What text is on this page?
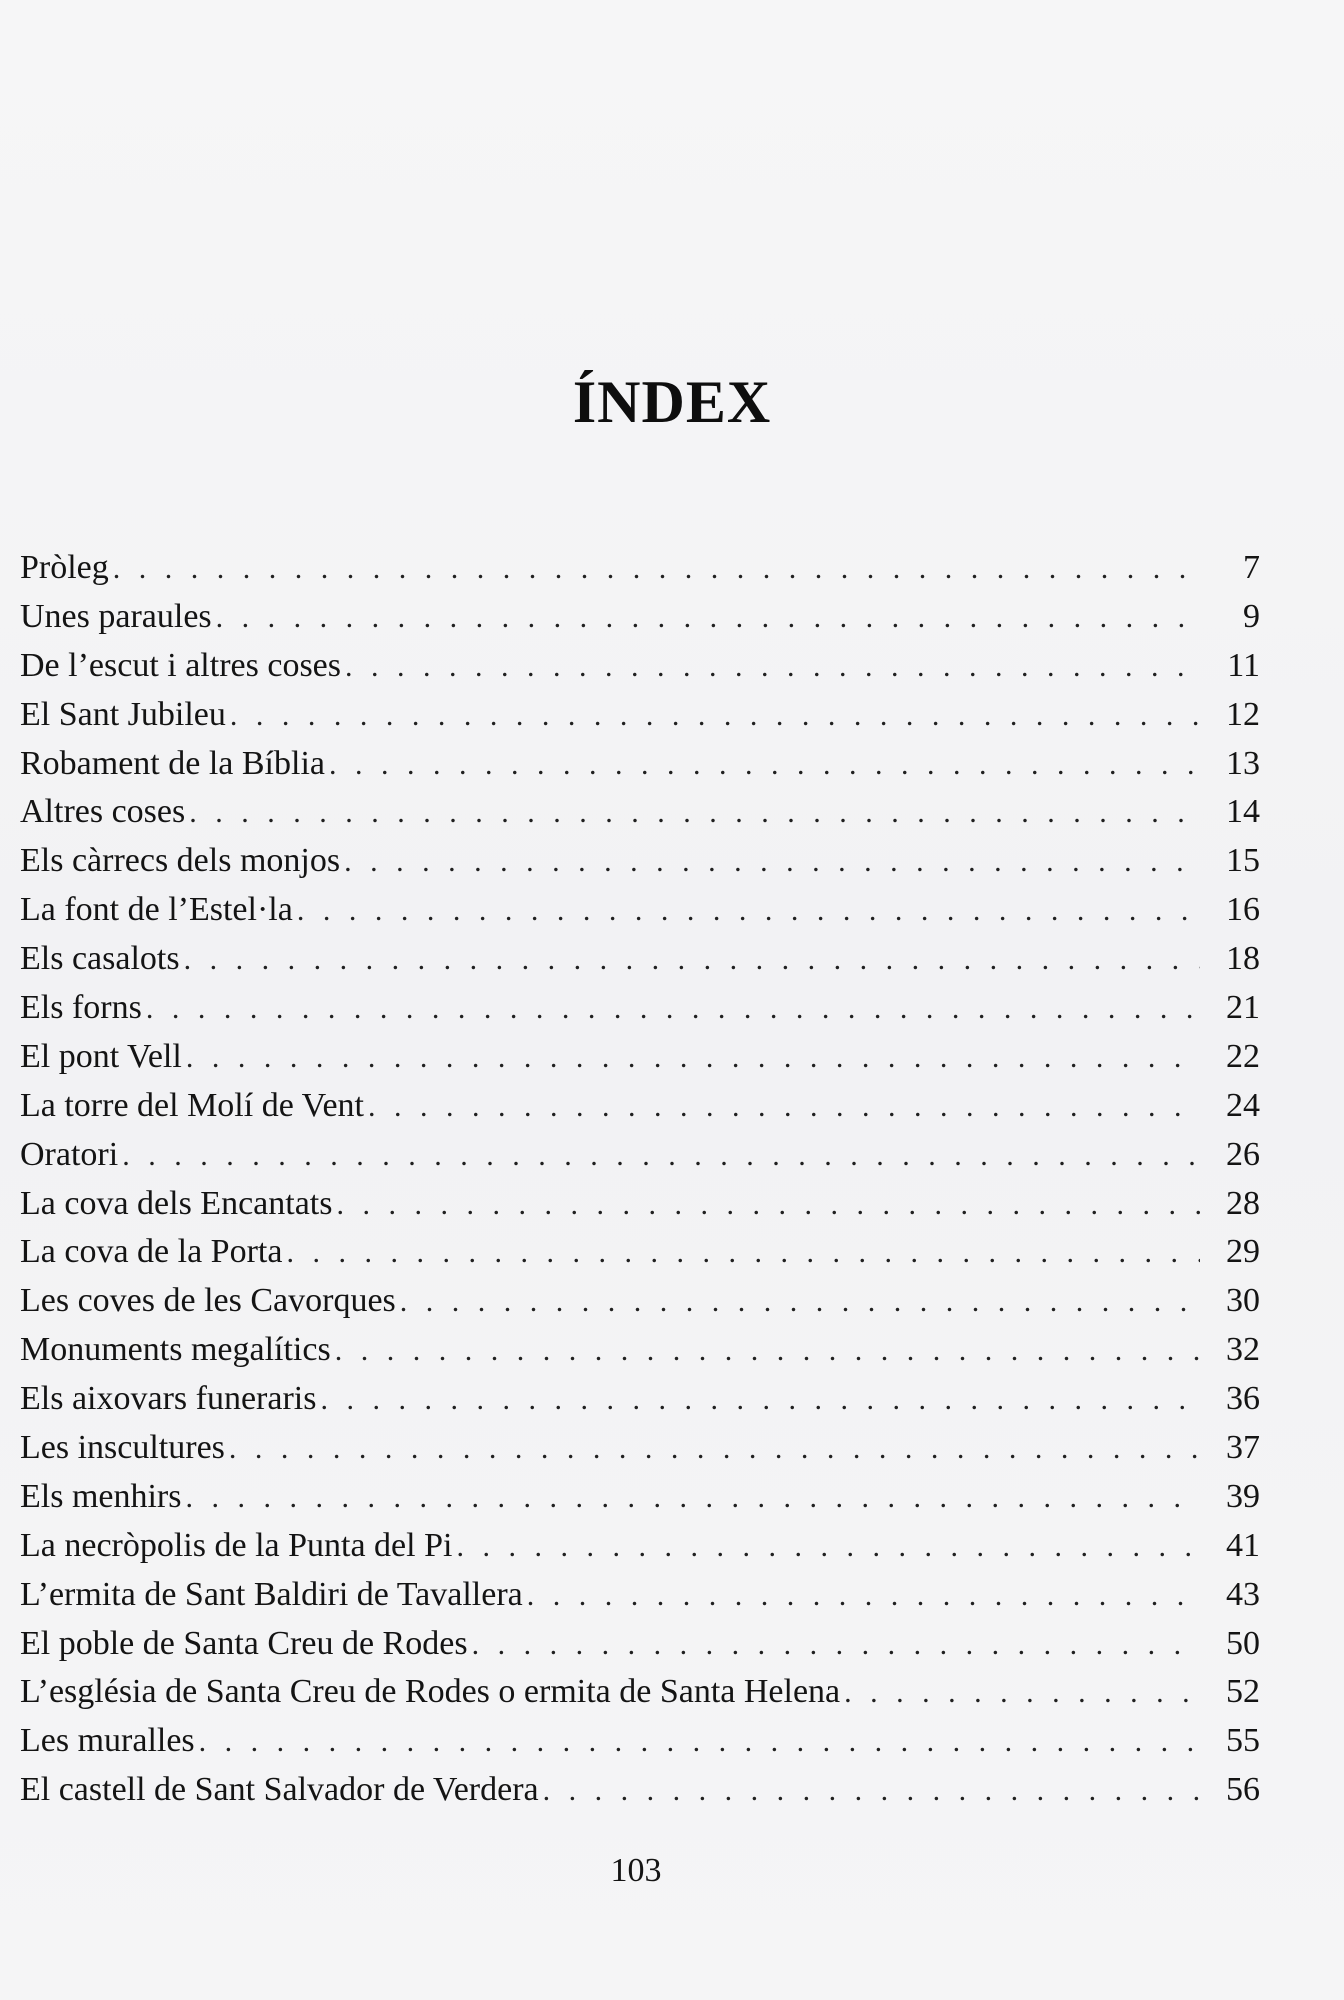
ÍNDEX
Pròleg . . .	7
Unes paraules . . .	9
De l’escut i altres coses . . .	11
El Sant Jubileu . . .	12
Robament de la Bíblia . . .	13
Altres coses . . .	14
Els càrrecs dels monjos . . .	15
La font de l’Estel·la . . .	16
Els casalots . . .	18
Els forns . . .	21
El pont Vell . . .	22
La torre del Molí de Vent . . .	24
Oratori . . .	26
La cova dels Encantats . . .	28
La cova de la Porta . . .	29
Les coves de les Cavorques . . .	30
Monuments megalítics . . .	32
Els aixovars funeraris . . .	36
Les inscultures . . .	37
Els menhirs . . .	39
La necròpolis de la Punta del Pi . . .	41
L’ermita de Sant Baldiri de Tavallera . . .	43
El poble de Santa Creu de Rodes . . .	50
L’església de Santa Creu de Rodes o ermita de Santa Helena . . .	52
Les muralles . . .	55
El castell de Sant Salvador de Verdera . . .	56

103
